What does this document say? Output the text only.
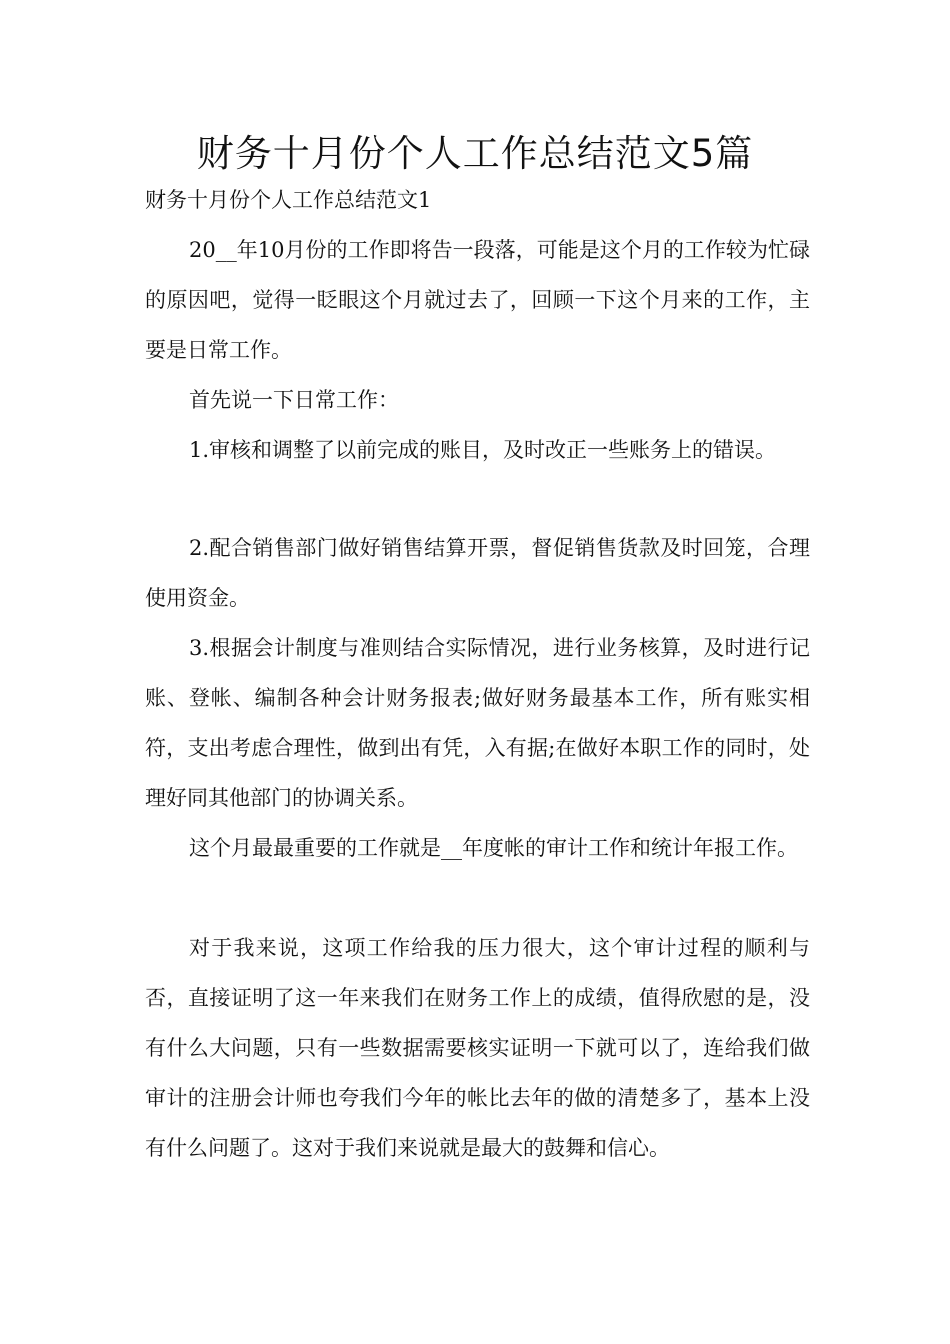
财务十月份个人工作总结范文5篇

财务十月份个人工作总结范文1

20__年10月份的工作即将告一段落，可能是这个月的工作较为忙碌的原因吧，觉得一眨眼这个月就过去了，回顾一下这个月来的工作，主要是日常工作。

首先说一下日常工作：

1.审核和调整了以前完成的账目，及时改正一些账务上的错误。

2.配合销售部门做好销售结算开票，督促销售货款及时回笼，合理使用资金。

3.根据会计制度与准则结合实际情况，进行业务核算，及时进行记账、登帐、编制各种会计财务报表;做好财务最基本工作，所有账实相符，支出考虑合理性，做到出有凭，入有据;在做好本职工作的同时，处理好同其他部门的协调关系。

这个月最最重要的工作就是__年度帐的审计工作和统计年报工作。

对于我来说，这项工作给我的压力很大，这个审计过程的顺利与否，直接证明了这一年来我们在财务工作上的成绩，值得欣慰的是，没有什么大问题，只有一些数据需要核实证明一下就可以了，连给我们做审计的注册会计师也夸我们今年的帐比去年的做的清楚多了，基本上没有什么问题了。这对于我们来说就是最大的鼓舞和信心。
